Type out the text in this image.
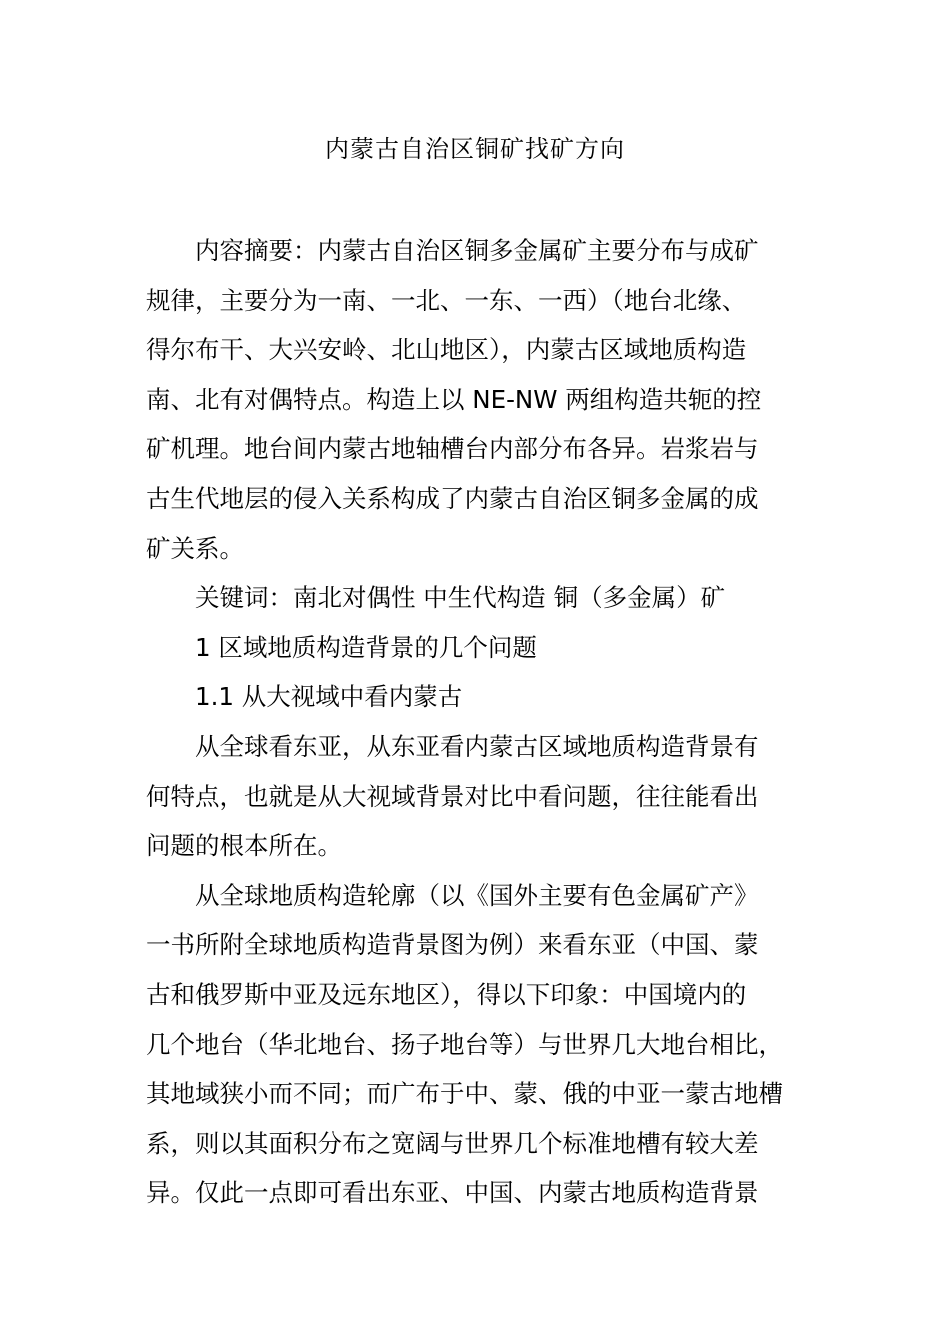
内蒙古自治区铜矿找矿方向
　　内容摘要：内蒙古自治区铜多金属矿主要分布与成矿
规律，主要分为一南、一北、一东、一西）（地台北缘、
得尔布干、大兴安岭、北山地区），内蒙古区域地质构造
南、北有对偶特点。构造上以 NE-NW 两组构造共轭的控
矿机理。地台间内蒙古地轴槽台内部分布各异。岩浆岩与
古生代地层的侵入关系构成了内蒙古自治区铜多金属的成
矿关系。
　　关键词：南北对偶性 中生代构造 铜（多金属）矿
　　1 区域地质构造背景的几个问题
　　1.1 从大视域中看内蒙古
　　从全球看东亚，从东亚看内蒙古区域地质构造背景有
何特点，也就是从大视域背景对比中看问题，往往能看出
问题的根本所在。
　　从全球地质构造轮廓（以《国外主要有色金属矿产》
一书所附全球地质构造背景图为例）来看东亚（中国、蒙
古和俄罗斯中亚及远东地区），得以下印象：中国境内的
几个地台（华北地台、扬子地台等）与世界几大地台相比，
其地域狭小而不同；而广布于中、蒙、俄的中亚一蒙古地槽
系，则以其面积分布之宽阔与世界几个标准地槽有较大差
异。仅此一点即可看出东亚、中国、内蒙古地质构造背景
